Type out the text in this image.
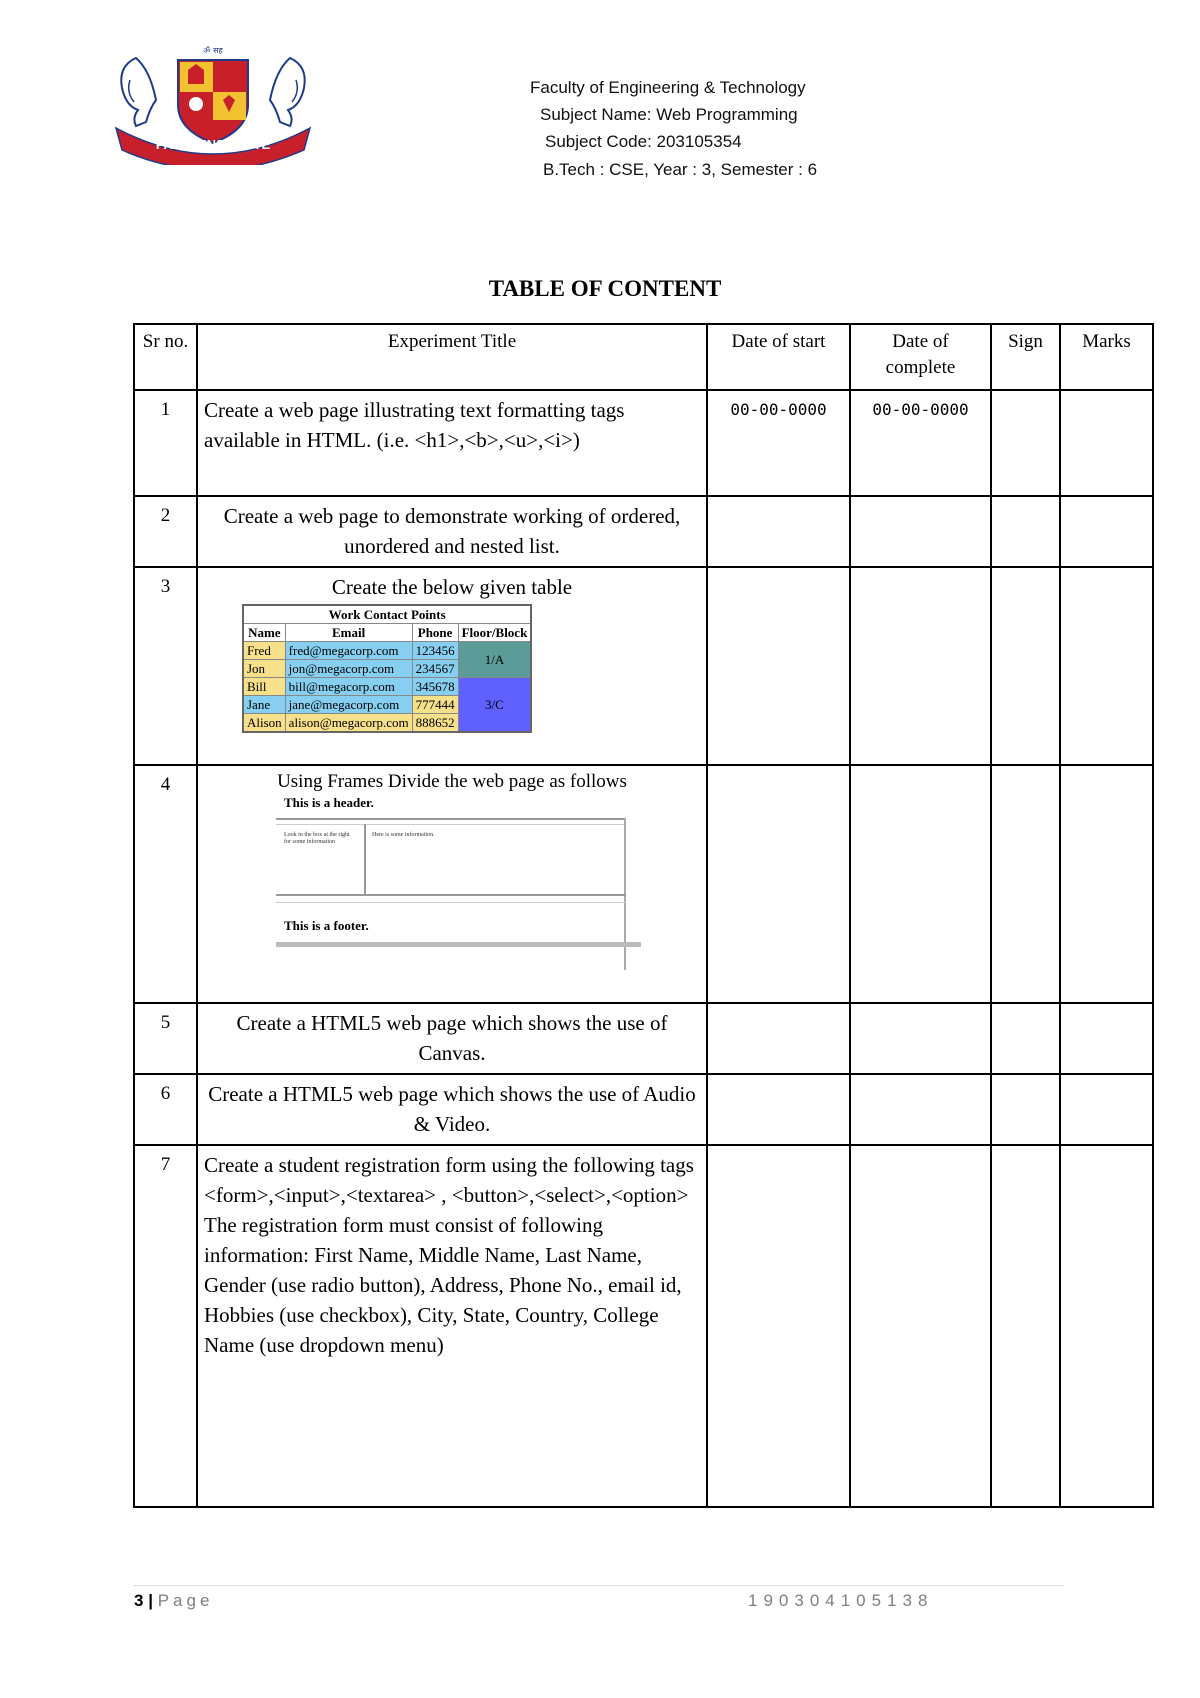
ॐ सह
PARUL INSTITUTE
Faculty of Engineering & Technology
Subject Name: Web Programming
Subject Code: 203105354
B.Tech : CSE, Year : 3, Semester : 6
TABLE OF CONTENT
Sr no.	Experiment Title	Date of start	Date of complete	Sign	Marks
1	Create a web page illustrating text formatting tags available in HTML. (i.e. <h1>,<b>,<u>,<i>)	00-00-0000	00-00-0000		
2	Create a web page to demonstrate working of ordered, unordered and nested list.				
3	Create the below given table
Work Contact Points
Name	Email	Phone	Floor/Block
Fred	fred@megacorp.com	123456	1/A
Jon	jon@megacorp.com	234567
Bill	bill@megacorp.com	345678	3/C
Jane	jane@megacorp.com	777444
Alison	alison@megacorp.com	888652

4	Using Frames Divide the web page as follows
This is a header.
Look in the box at the right for some information
Here is some information.
This is a footer.

5	Create a HTML5 web page which shows the use of Canvas.				
6	Create a HTML5 web page which shows the use of Audio & Video.				
7	Create a student registration form using the following tags <form>,<input>,<textarea> , <button>,<select>,<option> The registration form must consist of following information: First Name, Middle Name, Last Name, Gender (use radio button), Address, Phone No., email id, Hobbies (use checkbox), City, State, Country, College Name (use dropdown menu)				
3 | Page	190304105138
